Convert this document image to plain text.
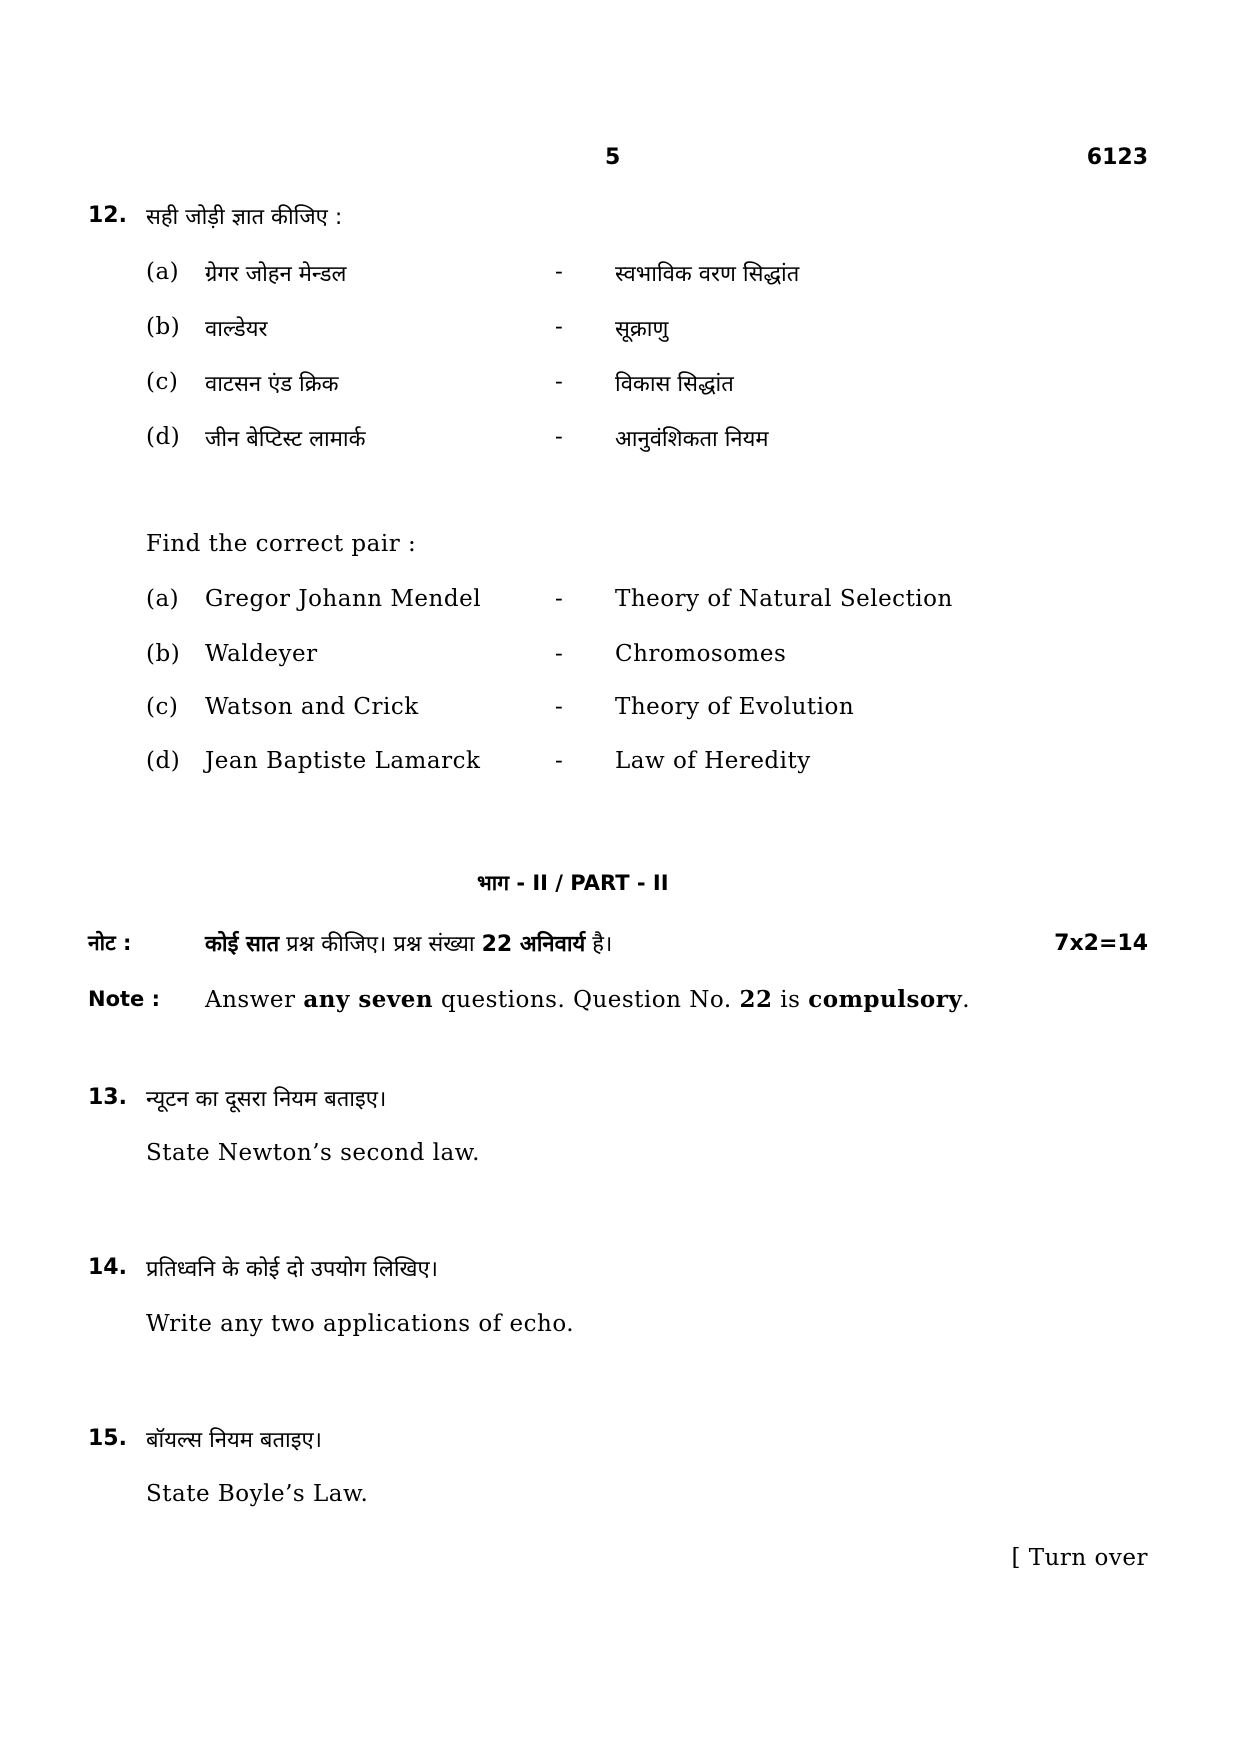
5	6123
12. सही जोड़ी ज्ञात कीजिए :
(a) ग्रेगर जोहन मेन्डल	- स्वभाविक वरण सिद्धांत
(b) वाल्डेयर	- सूक्राणु
(c) वाटसन एंड क्रिक	- विकास सिद्धांत
(d) जीन बेप्टिस्ट लामार्क	- आनुवंशिकता नियम
Find the correct pair :
(a) Gregor Johann Mendel	- Theory of Natural Selection
(b) Waldeyer	- Chromosomes
(c) Watson and Crick	- Theory of Evolution
(d) Jean Baptiste Lamarck	- Law of Heredity
भाग - II / PART - II
नोट :	कोई सात प्रश्न कीजिए। प्रश्न संख्या 22 अनिवार्य है।	7x2=14
Note : Answer any seven questions. Question No. 22 is compulsory.
13. न्यूटन का दूसरा नियम बताइए।
State Newton’s second law.
14. प्रतिध्वनि के कोई दो उपयोग लिखिए।
Write any two applications of echo.
15. बॉयल्स नियम बताइए।
State Boyle’s Law.
[ Turn over
